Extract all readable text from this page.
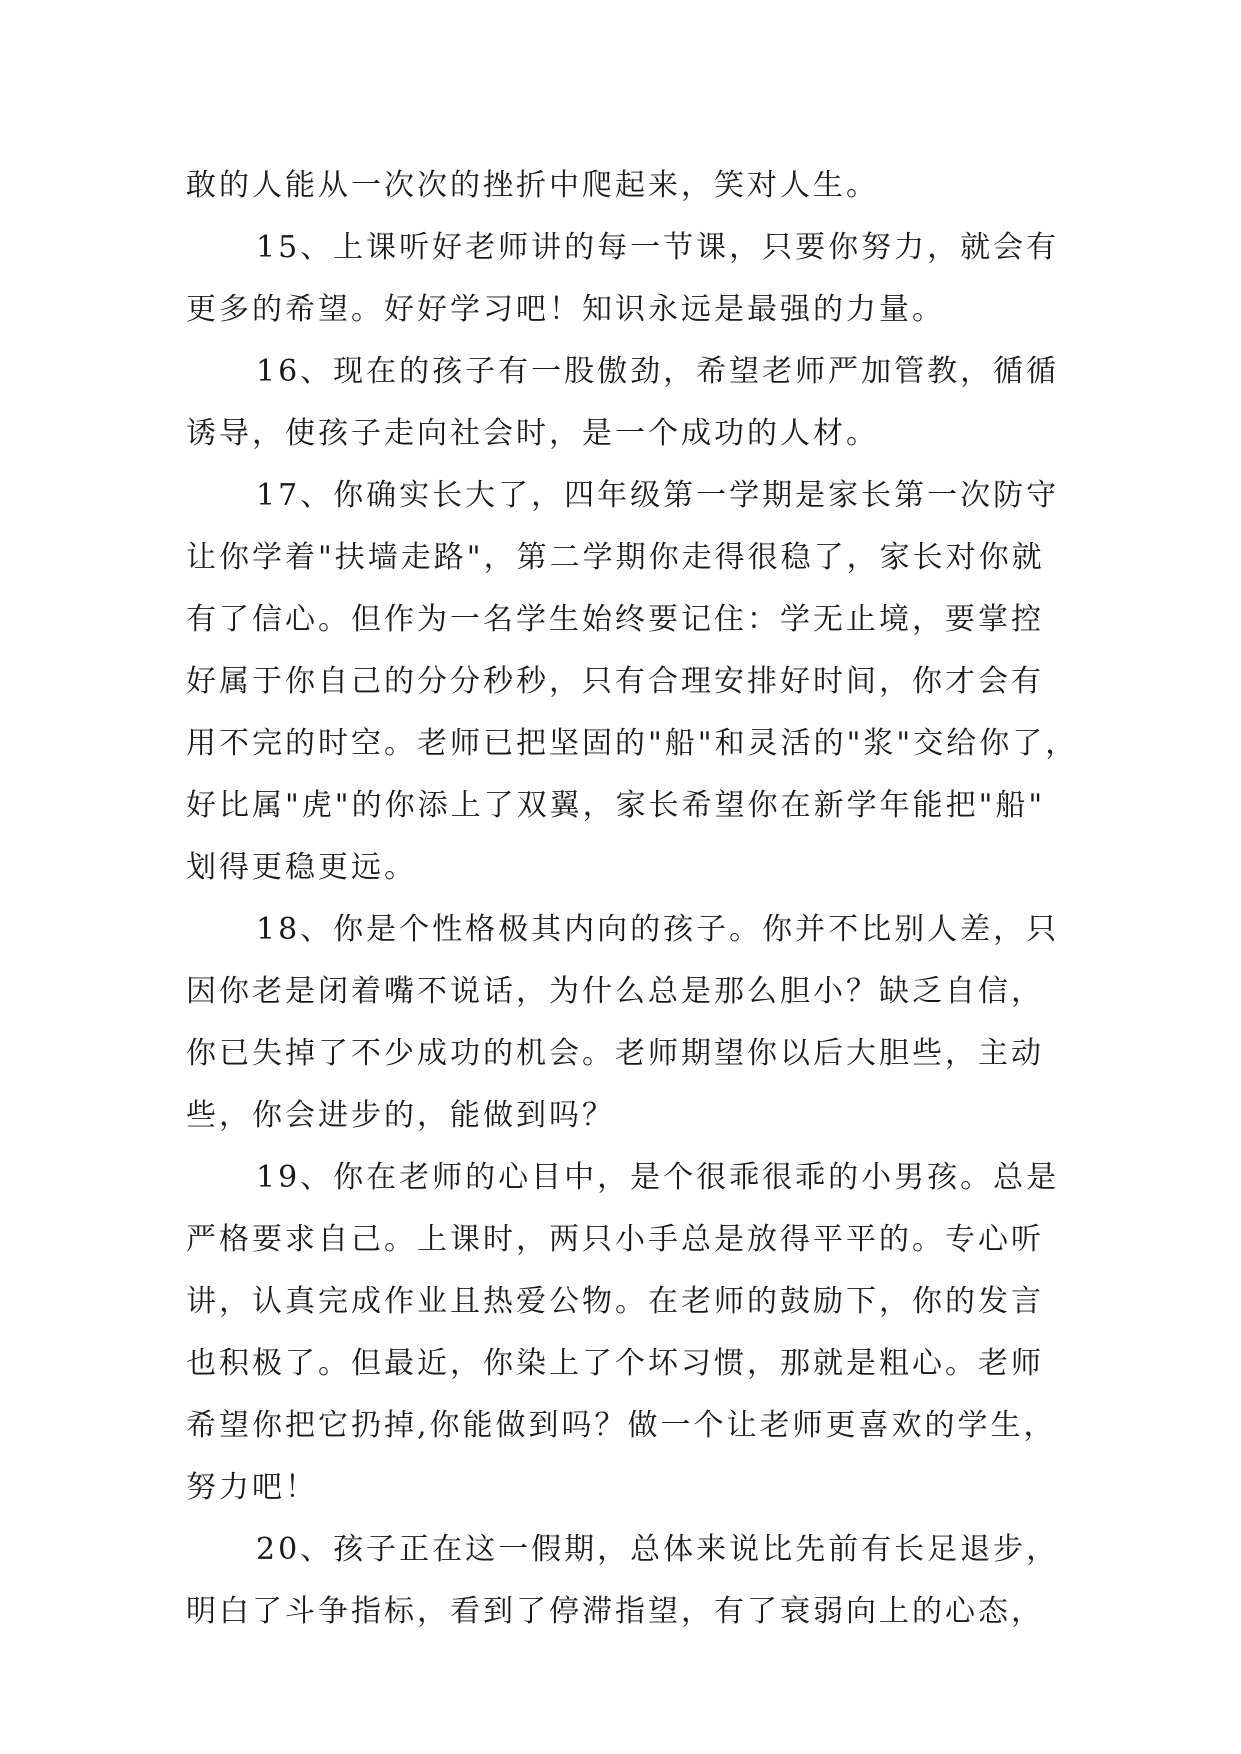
敢的人能从一次次的挫折中爬起来，笑对人生。
15、上课听好老师讲的每一节课，只要你努力，就会有
更多的希望。好好学习吧！知识永远是最强的力量。
16、现在的孩子有一股傲劲，希望老师严加管教，循循
诱导，使孩子走向社会时，是一个成功的人材。
17、你确实长大了，四年级第一学期是家长第一次防守
让你学着"扶墙走路"，第二学期你走得很稳了，家长对你就
有了信心。但作为一名学生始终要记住：学无止境，要掌控
好属于你自己的分分秒秒，只有合理安排好时间，你才会有
用不完的时空。老师已把坚固的"船"和灵活的"浆"交给你了，
好比属"虎"的你添上了双翼，家长希望你在新学年能把"船"
划得更稳更远。
18、你是个性格极其内向的孩子。你并不比别人差，只
因你老是闭着嘴不说话，为什么总是那么胆小？缺乏自信，
你已失掉了不少成功的机会。老师期望你以后大胆些，主动
些，你会进步的，能做到吗？
19、你在老师的心目中，是个很乖很乖的小男孩。总是
严格要求自己。上课时，两只小手总是放得平平的。专心听
讲，认真完成作业且热爱公物。在老师的鼓励下，你的发言
也积极了。但最近，你染上了个坏习惯，那就是粗心。老师
希望你把它扔掉,你能做到吗？做一个让老师更喜欢的学生，
努力吧！
20、孩子正在这一假期，总体来说比先前有长足退步，
明白了斗争指标，看到了停滞指望，有了衰弱向上的心态，
